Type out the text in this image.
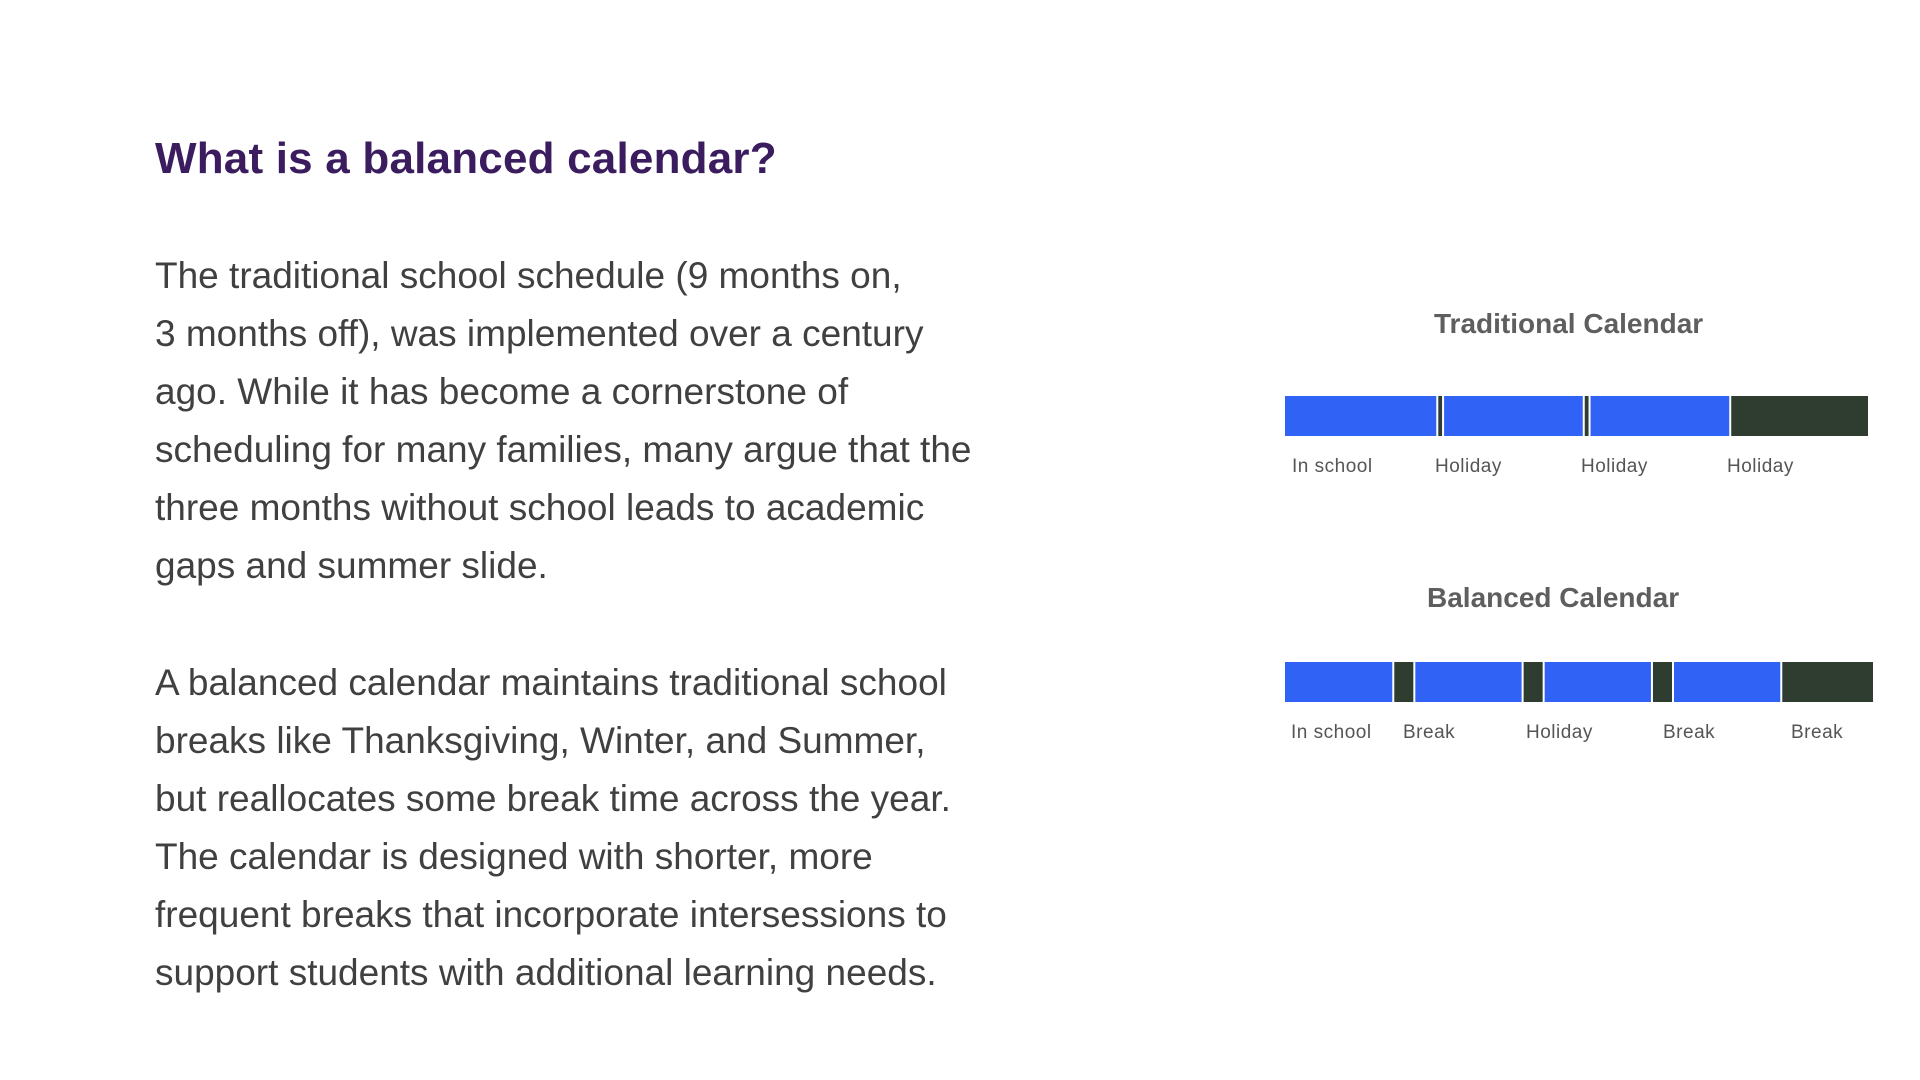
What is a balanced calendar?

The traditional school schedule (9 months on,
3 months off), was implemented over a century
ago. While it has become a cornerstone of
scheduling for many families, many argue that the
three months without school leads to academic
gaps and summer slide.

A balanced calendar maintains traditional school
breaks like Thanksgiving, Winter, and Summer,
but reallocates some break time across the year.
The calendar is designed with shorter, more
frequent breaks that incorporate intersessions to
support students with additional learning needs.

Traditional Calendar
In school	Holiday	Holiday	Holiday
Balanced Calendar
In school Break	Holiday	Break	Break
